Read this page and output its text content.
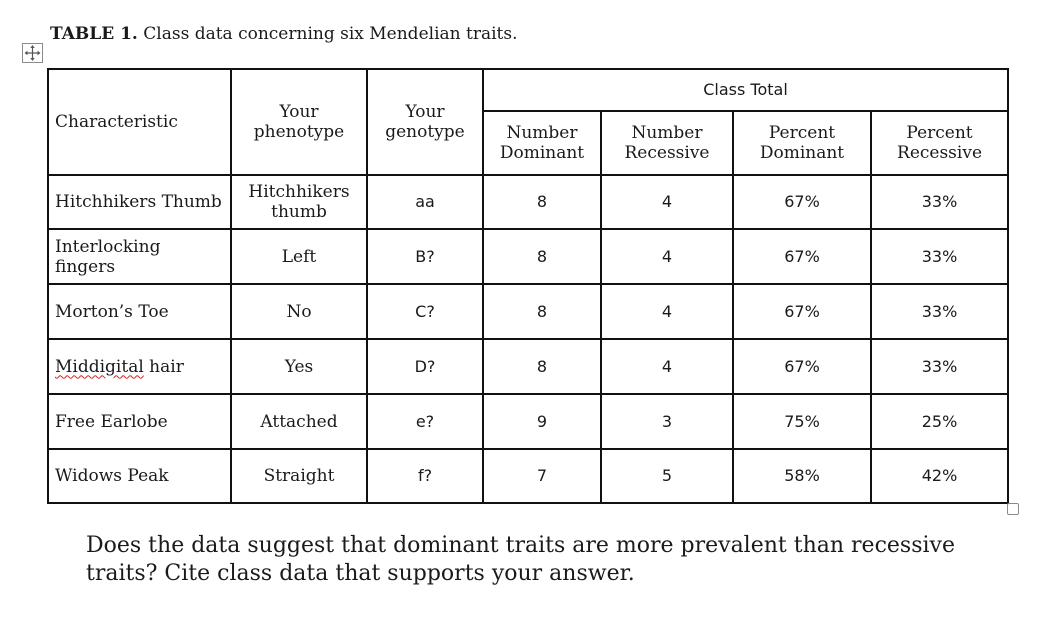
TABLE 1. Class data concerning six Mendelian traits.
Characteristic	Your phenotype	Your genotype	Class Total			
			Number Dominant	Number Recessive	Percent Dominant	Percent Recessive
Hitchhikers Thumb	Hitchhikers thumb	aa	8	4	67%	33%
Interlocking fingers	Left	B?	8	4	67%	33%
Morton’s Toe	No	C?	8	4	67%	33%
Middigital hair	Yes	D?	8	4	67%	33%
Free Earlobe	Attached	e?	9	3	75%	25%
Widows Peak	Straight	f?	7	5	58%	42%
Does the data suggest that dominant traits are more prevalent than recessive traits? Cite class data that supports your answer.
